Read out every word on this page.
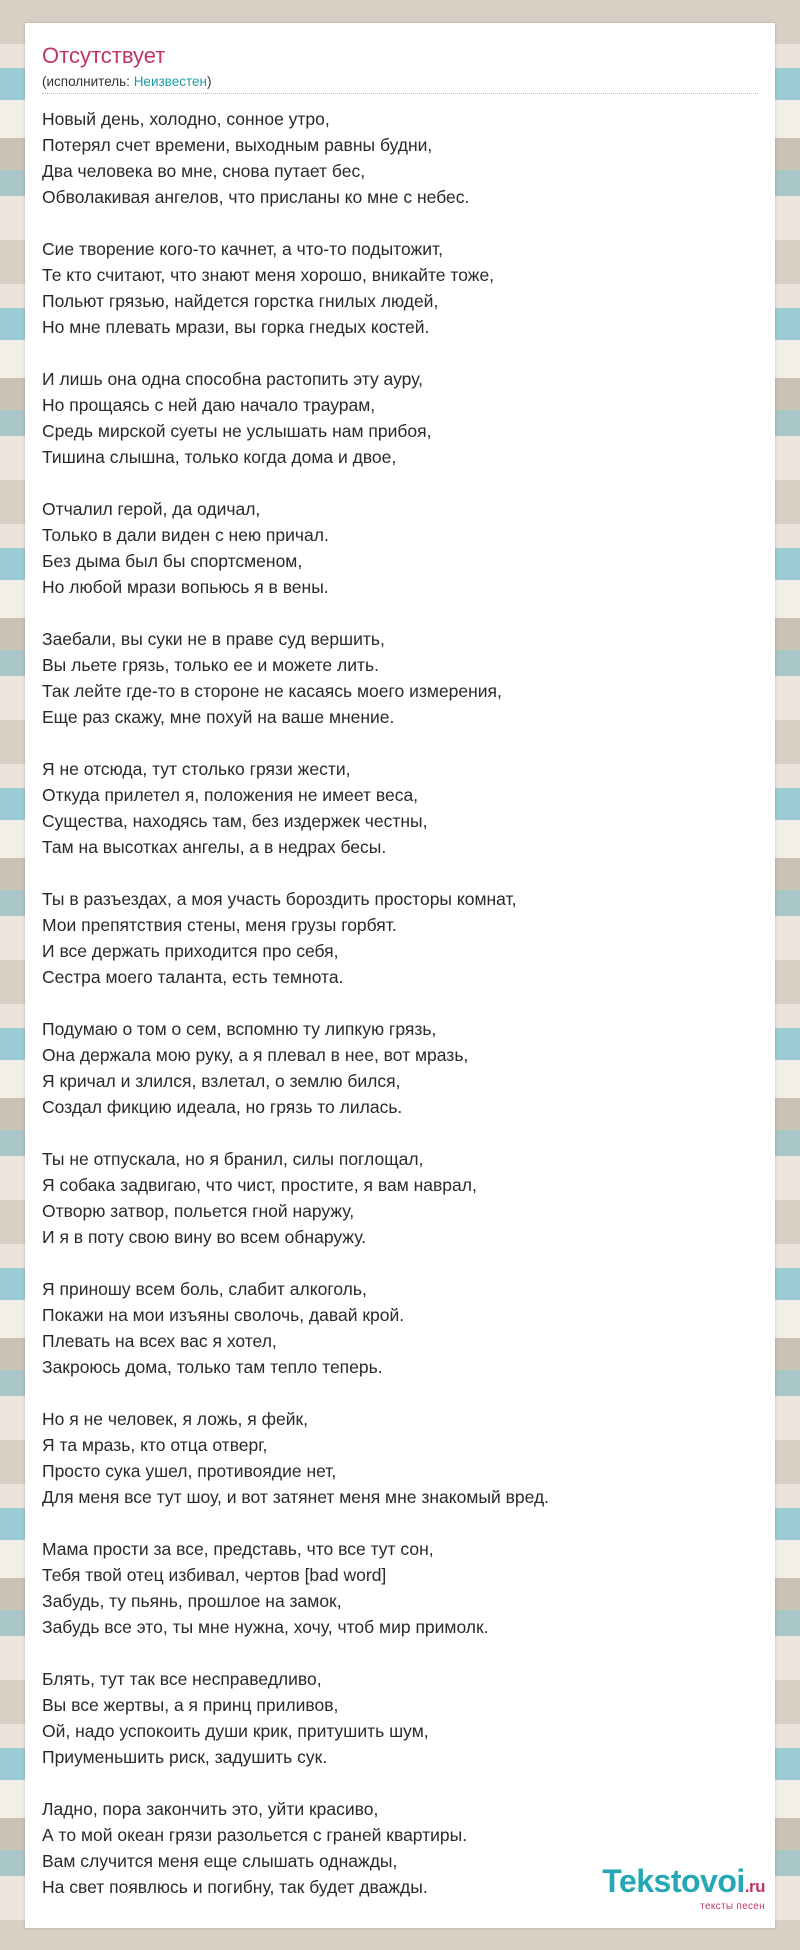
Отсутствует
(исполнитель: Неизвестен)
Новый день, холодно, сонное утро,
Потерял счет времени, выходным равны будни,
Два человека во мне, снова путает бес,
Обволакивая ангелов, что присланы ко мне с небес.
Сие творение кого-то качнет, а что-то подытожит,
Те кто считают, что знают меня хорошо, вникайте тоже,
Польют грязью, найдется горстка гнилых людей,
Но мне плевать мрази, вы горка гнедых костей.
И лишь она одна способна растопить эту ауру,
Но прощаясь с ней даю начало траурам,
Средь мирской суеты не услышать нам прибоя,
Тишина слышна, только когда дома и двое,
Отчалил герой, да одичал,
Только в дали виден с нею причал.
Без дыма был бы спортсменом,
Но любой мрази вопьюсь я в вены.
Заебали, вы суки не в праве суд вершить,
Вы льете грязь, только ее и можете лить.
Так лейте где-то в стороне не касаясь моего измерения,
Еще раз скажу, мне похуй на ваше мнение.
Я не отсюда, тут столько грязи жести,
Откуда прилетел я, положения не имеет веса,
Существа, находясь там, без издержек честны,
Там на высотках ангелы, а в недрах бесы.
Ты в разъездах, а моя участь бороздить просторы комнат,
Мои препятствия стены, меня грузы горбят.
И все держать приходится про себя,
Сестра моего таланта, есть темнота.
Подумаю о том о сем, вспомню ту липкую грязь,
Она держала мою руку, а я плевал в нее, вот мразь,
Я кричал и злился, взлетал, о землю бился,
Создал фикцию идеала, но грязь то лилась.
Ты не отпускала, но я бранил, силы поглощал,
Я собака задвигаю, что чист, простите, я вам наврал,
Отворю затвор, польется гной наружу,
И я в поту свою вину во всем обнаружу.
Я приношу всем боль, слабит алкоголь,
Покажи на мои изъяны сволочь, давай крой.
Плевать на всех вас я хотел,
Закроюсь дома, только там тепло теперь.
Но я не человек, я ложь, я фейк,
Я та мразь, кто отца отверг,
Просто сука ушел, противоядие нет,
Для меня все тут шоу, и вот затянет меня мне знакомый вред.
Мама прости за все, представь, что все тут сон,
Тебя твой отец избивал, чертов [bad word]
Забудь, ту пьянь, прошлое на замок,
Забудь все это, ты мне нужна, хочу, чтоб мир примолк.
Блять, тут так все несправедливо,
Вы все жертвы, а я принц приливов,
Ой, надо успокоить души крик, притушить шум,
Приуменьшить риск, задушить сук.
Ладно, пора закончить это, уйти красиво,
А то мой океан грязи разольется с граней квартиры.
Вам случится меня еще слышать однажды,
На свет появлюсь и погибну, так будет дважды.	Tekstovoi.ru
тексты песен
